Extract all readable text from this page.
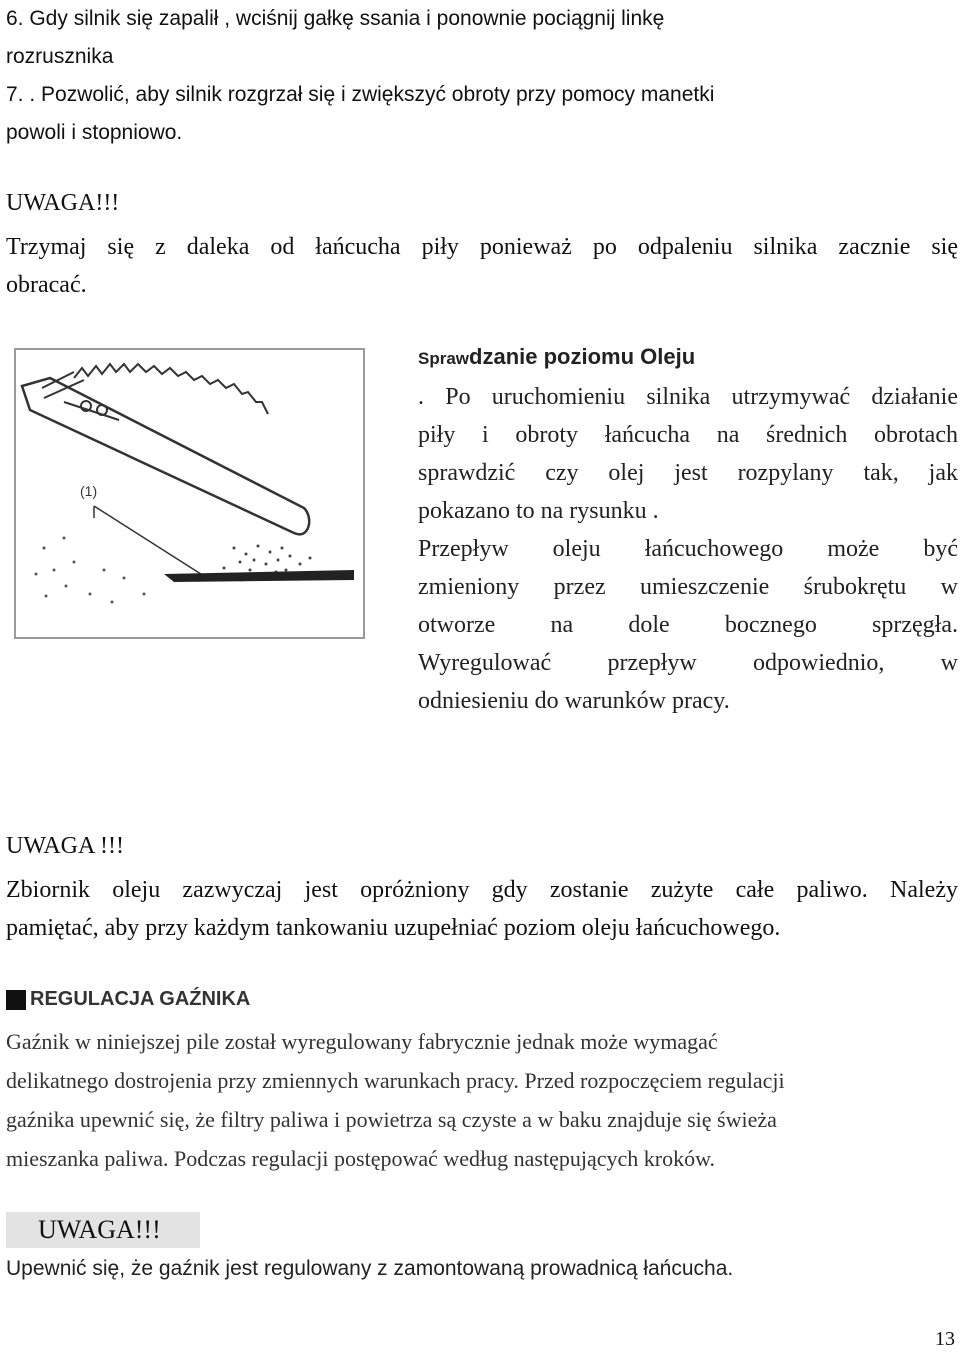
6. Gdy silnik się zapalił , wciśnij gałkę ssania i ponownie pociągnij linkę
rozrusznika
7. . Pozwolić, aby silnik rozgrzał się i zwiększyć obroty przy pomocy manetki
powoli i stopniowo.
UWAGA!!!
Trzymaj się z daleka od łańcucha piły ponieważ po odpaleniu silnika zacznie się
obracać.
(1)
Sprawdzanie poziomu Oleju
. Po uruchomieniu silnika utrzymywać działanie
piły i obroty łańcucha na średnich obrotach
sprawdzić czy olej jest rozpylany tak, jak
pokazano to na rysunku .
Przepływ oleju łańcuchowego może być
zmieniony przez umieszczenie śrubokrętu w
otworze na dole bocznego sprzęgła.
Wyregulować przepływ odpowiednio, w
odniesieniu do warunków pracy.
UWAGA !!!
Zbiornik oleju zazwyczaj jest opróżniony gdy zostanie zużyte całe paliwo. Należy
pamiętać, aby przy każdym tankowaniu uzupełniać poziom oleju łańcuchowego.
REGULACJA GAŹNIKA
Gaźnik w niniejszej pile został wyregulowany fabrycznie jednak może wymagać
delikatnego dostrojenia przy zmiennych warunkach pracy. Przed rozpoczęciem regulacji
gaźnika upewnić się, że filtry paliwa i powietrza są czyste a w baku znajduje się świeża
mieszanka paliwa. Podczas regulacji postępować według następujących kroków.
UWAGA!!!
Upewnić się, że gaźnik jest regulowany z zamontowaną prowadnicą łańcucha.
13
